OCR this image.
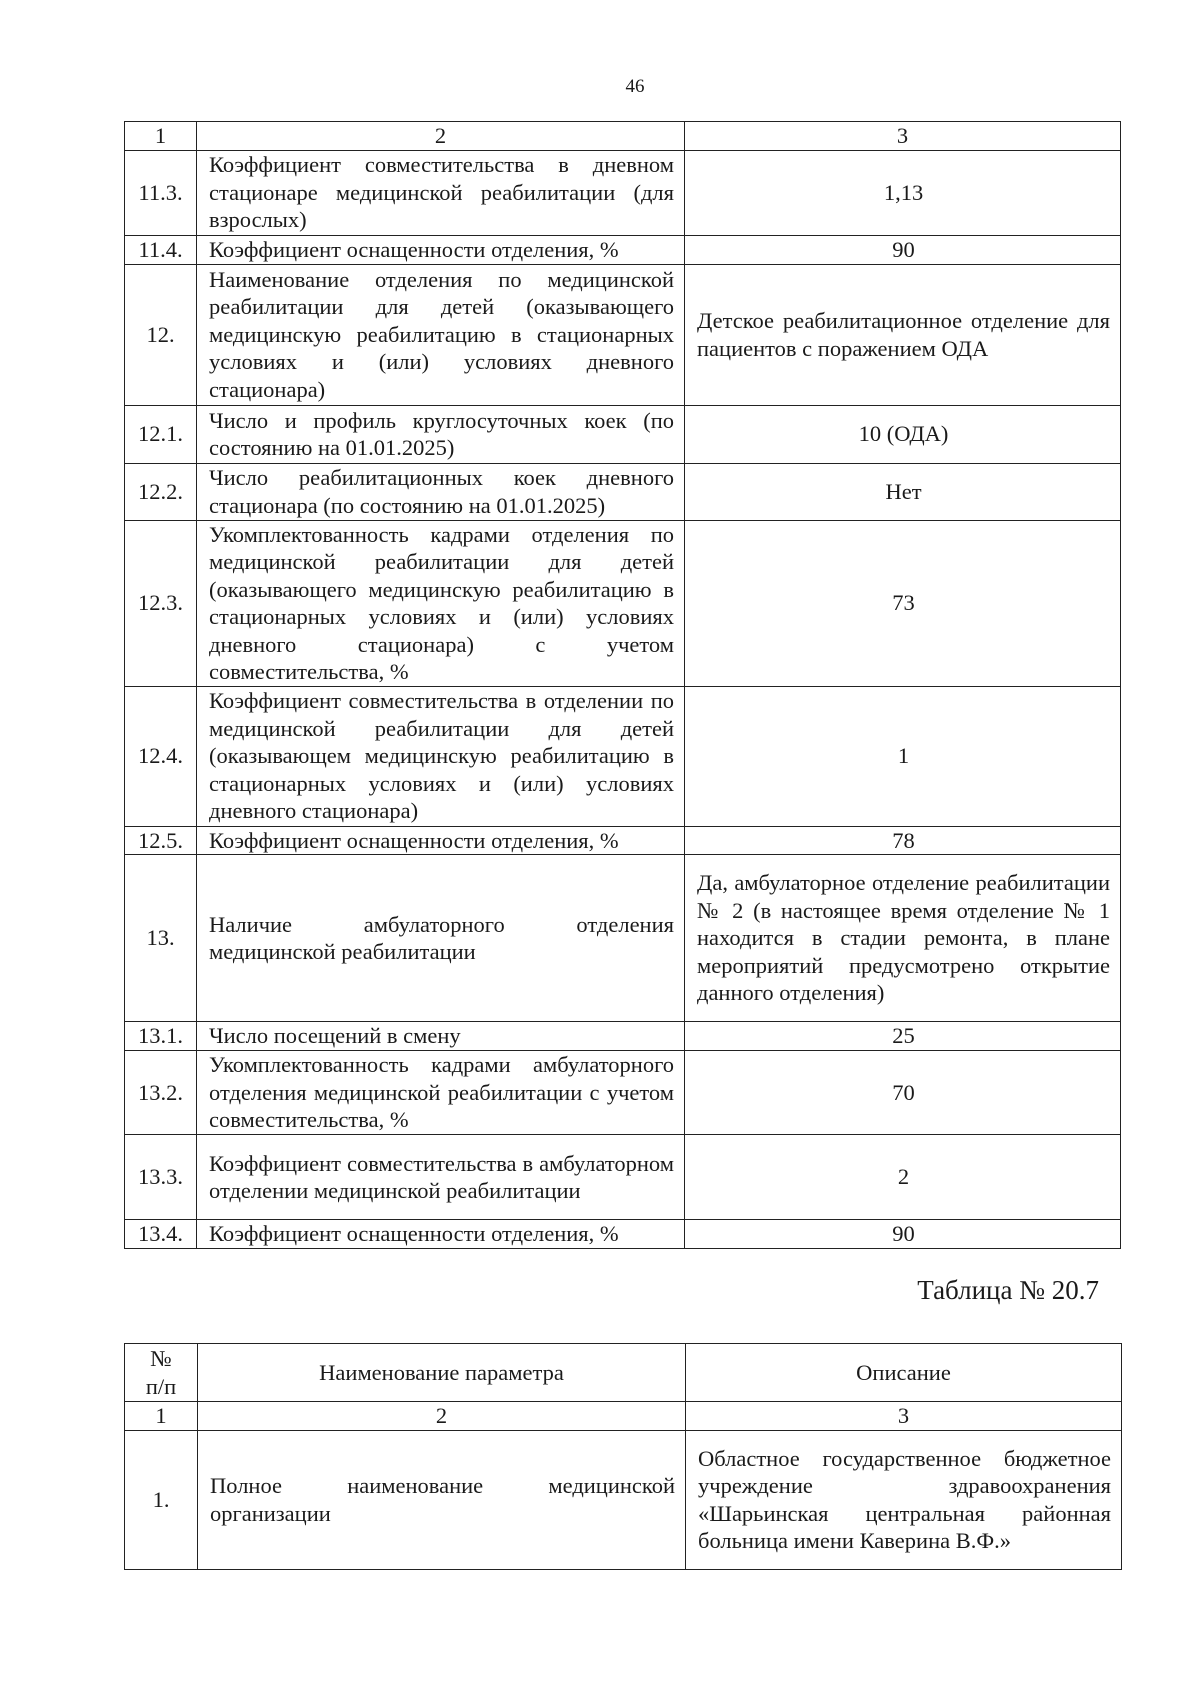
46
1	2	3
11.3.	Коэффициент совместительства в дневном стационаре медицинской реабилитации (для взрослых)	1,13
11.4.	Коэффициент оснащенности отделения, %	90
12.	Наименование отделения по медицинской реабилитации для детей (оказывающего медицинскую реабилитацию в стационарных условиях и (или) условиях дневного стационара)	Детское реабилитационное отделение для пациентов с поражением ОДА
12.1.	Число и профиль круглосуточных коек (по состоянию на 01.01.2025)	10 (ОДА)
12.2.	Число реабилитационных коек дневного стационара (по состоянию на 01.01.2025)	Нет
12.3.	Укомплектованность кадрами отделения по медицинской реабилитации для детей (оказывающего медицинскую реабилитацию в стационарных условиях и (или) условиях дневного стационара) с учетом совместительства, %	73
12.4.	Коэффициент совместительства в отделении по медицинской реабилитации для детей (оказывающем медицинскую реабилитацию в стационарных условиях и (или) условиях дневного стационара)	1
12.5.	Коэффициент оснащенности отделения, %	78
13.	Наличие амбулаторного отделения медицинской реабилитации	Да, амбулаторное отделение реабилитации № 2 (в настоящее время отделение № 1 находится в стадии ремонта, в плане мероприятий предусмотрено открытие данного отделения)
13.1.	Число посещений в смену	25
13.2.	Укомплектованность кадрами амбулаторного отделения медицинской реабилитации с учетом совместительства, %	70
13.3.	Коэффициент совместительства в амбулаторном отделении медицинской реабилитации	2
13.4.	Коэффициент оснащенности отделения, %	90
Таблица № 20.7
№ п/п	Наименование параметра	Описание
1	2	3
1.	Полное наименование медицинской организации	Областное государственное бюджетное учреждение здравоохранения «Шарьинская центральная районная больница имени Каверина В.Ф.»
